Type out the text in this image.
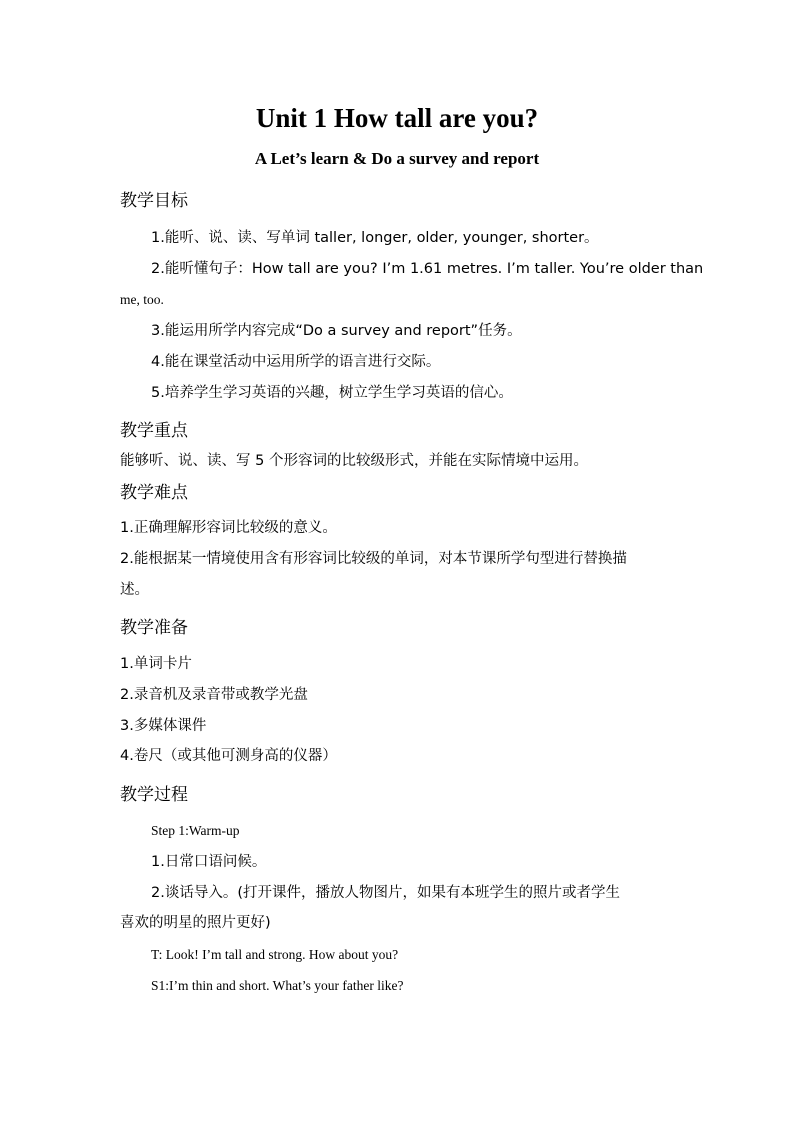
Unit 1 How tall are you?
A Let’s learn & Do a survey and report
教学目标
1.能听、说、读、写单词 taller, longer, older, younger, shorter。
2.能听懂句子：How tall are you? I’m 1.61 metres. I’m taller. You’re older than
me, too.
3.能运用所学内容完成“Do a survey and report”任务。
4.能在课堂活动中运用所学的语言进行交际。
5.培养学生学习英语的兴趣，树立学生学习英语的信心。
教学重点
能够听、说、读、写 5 个形容词的比较级形式，并能在实际情境中运用。
教学难点
1.正确理解形容词比较级的意义。
2.能根据某一情境使用含有形容词比较级的单词，对本节课所学句型进行替换描
述。
教学准备
1.单词卡片
2.录音机及录音带或教学光盘
3.多媒体课件
4.卷尺（或其他可测身高的仪器）
教学过程
Step 1:Warm-up
1.日常口语问候。
2.谈话导入。(打开课件，播放人物图片，如果有本班学生的照片或者学生
喜欢的明星的照片更好)
T: Look! I’m tall and strong. How about you?
S1:I’m thin and short. What’s your father like?
